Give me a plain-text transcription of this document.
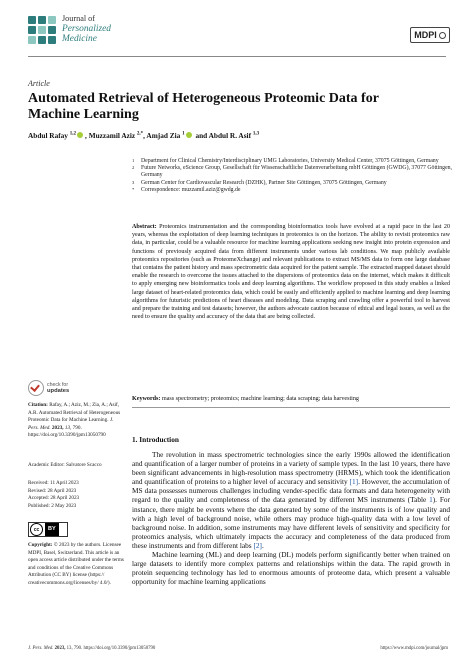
Journal of
Personalized
Medicine	MDPI
Article
Automated Retrieval of Heterogeneous Proteomic Data for Machine Learning
Abdul Rafay $^{1,2}$ , Muzzamil Aziz $^{2,*}$, Amjad Zia $^1$ and Abdul R. Asif $^{1,3}$
1 Department for Clinical Chemistry/Interdisciplinary UMG Laboratories, University Medical Center, 37075 Göttingen, Germany
2 Future Networks, eScience Group, Gesellschaft für Wissenschaftliche Datenverarbeitung mbH Göttingen (GWDG), 37077 Göttingen, Germany
3 German Center for Cardiovascular Research (DZHK), Partner Site Göttingen, 37075 Göttingen, Germany
* Correspondence: muzzamil.aziz@gwdg.de
Abstract: Proteomics instrumentation and the corresponding bioinformatics tools have evolved at a rapid pace in the last 20 years, whereas the exploitation of deep learning techniques in proteomics is on the horizon. The ability to revisit proteomics raw data, in particular, could be a valuable resource for machine learning applications seeking new insight into protein expression and functions of previously acquired data from different instruments under various lab conditions. We map publicly available proteomics repositories (such as ProteomeXchange) and relevant publications to extract MS/MS data to form one large database that contains the patient history and mass spectrometric data acquired for the patient sample. The extracted mapped dataset should enable the research to overcome the issues attached to the dispersions of proteomics data on the internet, which makes it difficult to apply emerging new bioinformatics tools and deep learning algorithms. The workflow proposed in this study enables a linked large dataset of heart-related proteomics data, which could be easily and efficiently applied to machine learning and deep learning algorithms for futuristic predictions of heart diseases and modeling. Data scraping and crawling offer a powerful tool to harvest and prepare the training and test datasets; however, the authors advocate caution because of ethical and legal issues, as well as the need to ensure the quality and accuracy of the data that are being collected.
Keywords: mass spectrometry; proteomics; machine learning; data scraping; data harvesting
check for
updates
Citation: Rafay, A.; Aziz, M.; Zia, A.; Asif, A.R. Automated Retrieval of Heterogeneous Proteomic Data for Machine Learning. J. Pers. Med. 2023, 13, 790. https://doi.org/10.3390/jpm13050790
Academic Editor: Salvatore Scacco
Received: 11 April 2023
Revised: 28 April 2023
Accepted: 28 April 2023
Published: 2 May 2023
cc	BY
Copyright: © 2023 by the authors. Licensee MDPI, Basel, Switzerland. This article is an open access article distributed under the terms and conditions of the Creative Commons Attribution (CC BY) license (https:// creativecommons.org/licenses/by/ 4.0/).
1. Introduction

The revolution in mass spectrometric technologies since the early 1990s allowed the identification and quantification of a larger number of proteins in a variety of sample types. In the last 10 years, there have been significant advancements in high-resolution mass spectrometry (HRMS), which took the identification and quantification of proteins to a higher level of accuracy and sensitivity [1]. However, the accumulation of MS data possesses numerous challenges including vender-specific data formats and data heterogeneity with regard to the quality and completeness of the data generated by different MS instruments (Table 1). For instance, there might be events where the data generated by some of the instruments is of low quality and with a high level of background noise, while others may produce high-quality data with a low level of background noise. In addition, some instruments may have different levels of sensitivity and specificity for proteomics analysis, which ultimately impacts the accuracy and completeness of the data produced from these instruments and from different labs [2].

Machine learning (ML) and deep learning (DL) models perform significantly better when trained on large datasets to identify more complex patterns and relationships within the data. The rapid growth in protein sequencing technology has led to enormous amounts of proteome data, which present a valuable opportunity for machine learning applications

J. Pers. Med. 2023, 13, 790. https://doi.org/10.3390/jpm13050790	https://www.mdpi.com/journal/jpm
